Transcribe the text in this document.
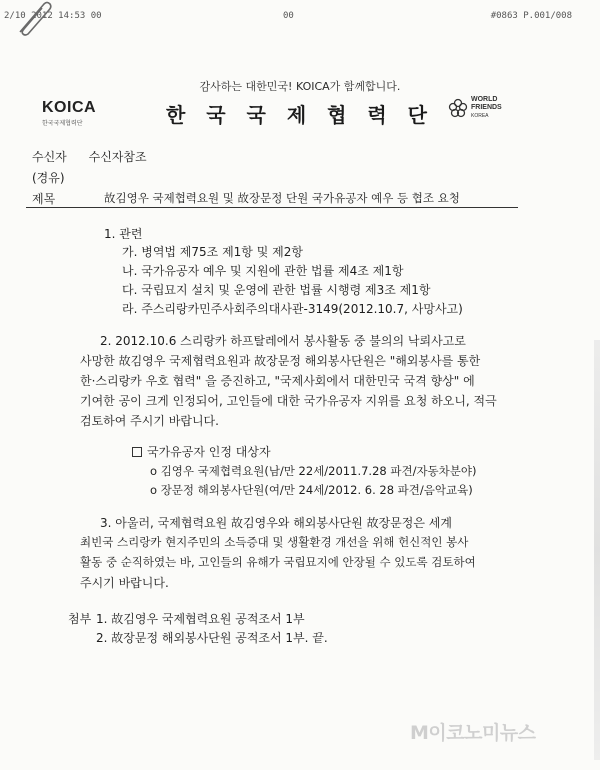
2/10 2012 14:53 00	00	#0863 P.001/008
감사하는 대한민국! KOICA가 함께합니다.
KOICA
한국국제협력단	한 국 국 제 협 력 단
WORLD
FRIENDS
KOREA
수신자 수신자참조
(경유)
제목	故김영우 국제협력요원 및 故장문정 단원 국가유공자 예우 등 협조 요청
1. 관련
가. 병역법 제75조 제1항 및 제2항
나. 국가유공자 예우 및 지원에 관한 법률 제4조 제1항
다. 국립묘지 설치 및 운영에 관한 법률 시행령 제3조 제1항
라. 주스리랑카민주사회주의대사관-3149(2012.10.7, 사망사고)
2. 2012.10.6 스리랑카 하프탈레에서 봉사활동 중 불의의 낙뢰사고로
사망한 故김영우 국제협력요원과 故장문정 해외봉사단원은 "해외봉사를 통한
한·스리랑카 우호 협력" 을 증진하고, "국제사회에서 대한민국 국격 향상" 에
기여한 공이 크게 인정되어, 고인들에 대한 국가유공자 지위를 요청 하오니, 적극
검토하여 주시기 바랍니다.
국가유공자 인정 대상자
o 김영우 국제협력요원(남/만 22세/2011.7.28 파견/자동차분야)
o 장문정 해외봉사단원(여/만 24세/2012. 6. 28 파견/음악교육)
3. 아울러, 국제협력요원 故김영우와 해외봉사단원 故장문정은 세계
최빈국 스리랑카 현지주민의 소득증대 및 생활환경 개선을 위해 헌신적인 봉사
활동 중 순직하였는 바, 고인들의 유해가 국립묘지에 안장될 수 있도록 검토하여
주시기 바랍니다.
첨부 1. 故김영우 국제협력요원 공적조서 1부
2. 故장문정 해외봉사단원 공적조서 1부. 끝.
M이코노미뉴스
